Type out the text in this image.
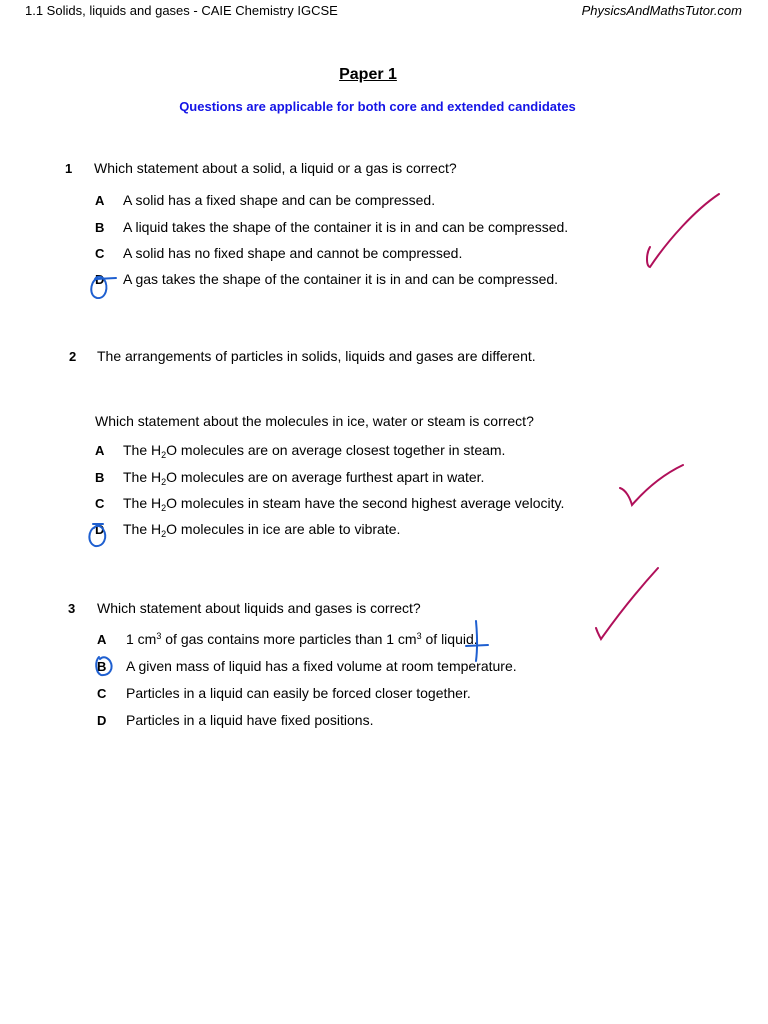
1.1 Solids, liquids and gases - CAIE Chemistry IGCSE	PhysicsAndMathsTutor.com
Paper 1
Questions are applicable for both core and extended candidates
1 Which statement about a solid, a liquid or a gas is correct?
A A solid has a fixed shape and can be compressed.
B A liquid takes the shape of the container it is in and can be compressed.
C A solid has no fixed shape and cannot be compressed.
D A gas takes the shape of the container it is in and can be compressed.
2 The arrangements of particles in solids, liquids and gases are different.
Which statement about the molecules in ice, water or steam is correct?
A The $H_2O$ molecules are on average closest together in steam.
B The $H_2O$ molecules are on average furthest apart in water.
C The $H_2O$ molecules in steam have the second highest average velocity.
D The $H_2O$ molecules in ice are able to vibrate.
3 Which statement about liquids and gases is correct?
A 1 $cm^3$ of gas contains more particles than 1 $cm^3$ of liquid.
B A given mass of liquid has a fixed volume at room temperature.
C Particles in a liquid can easily be forced closer together.
D Particles in a liquid have fixed positions.
